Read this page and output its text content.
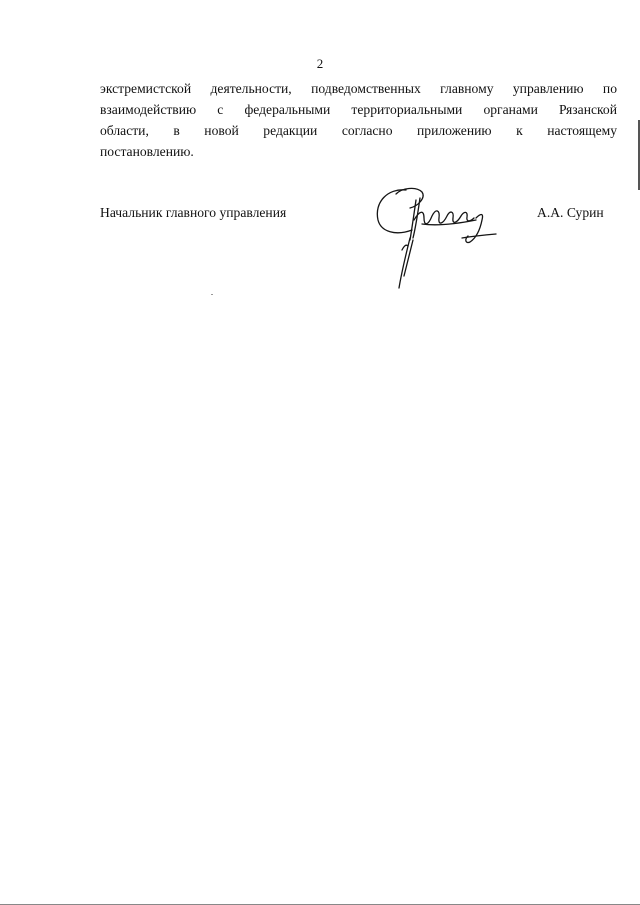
2
экстремистской деятельности, подведомственных главному управлению по
взаимодействию с федеральными территориальными органами Рязанской
области, в новой редакции согласно приложению к настоящему
постановлению.
Начальник главного управления	А.А. Сурин
